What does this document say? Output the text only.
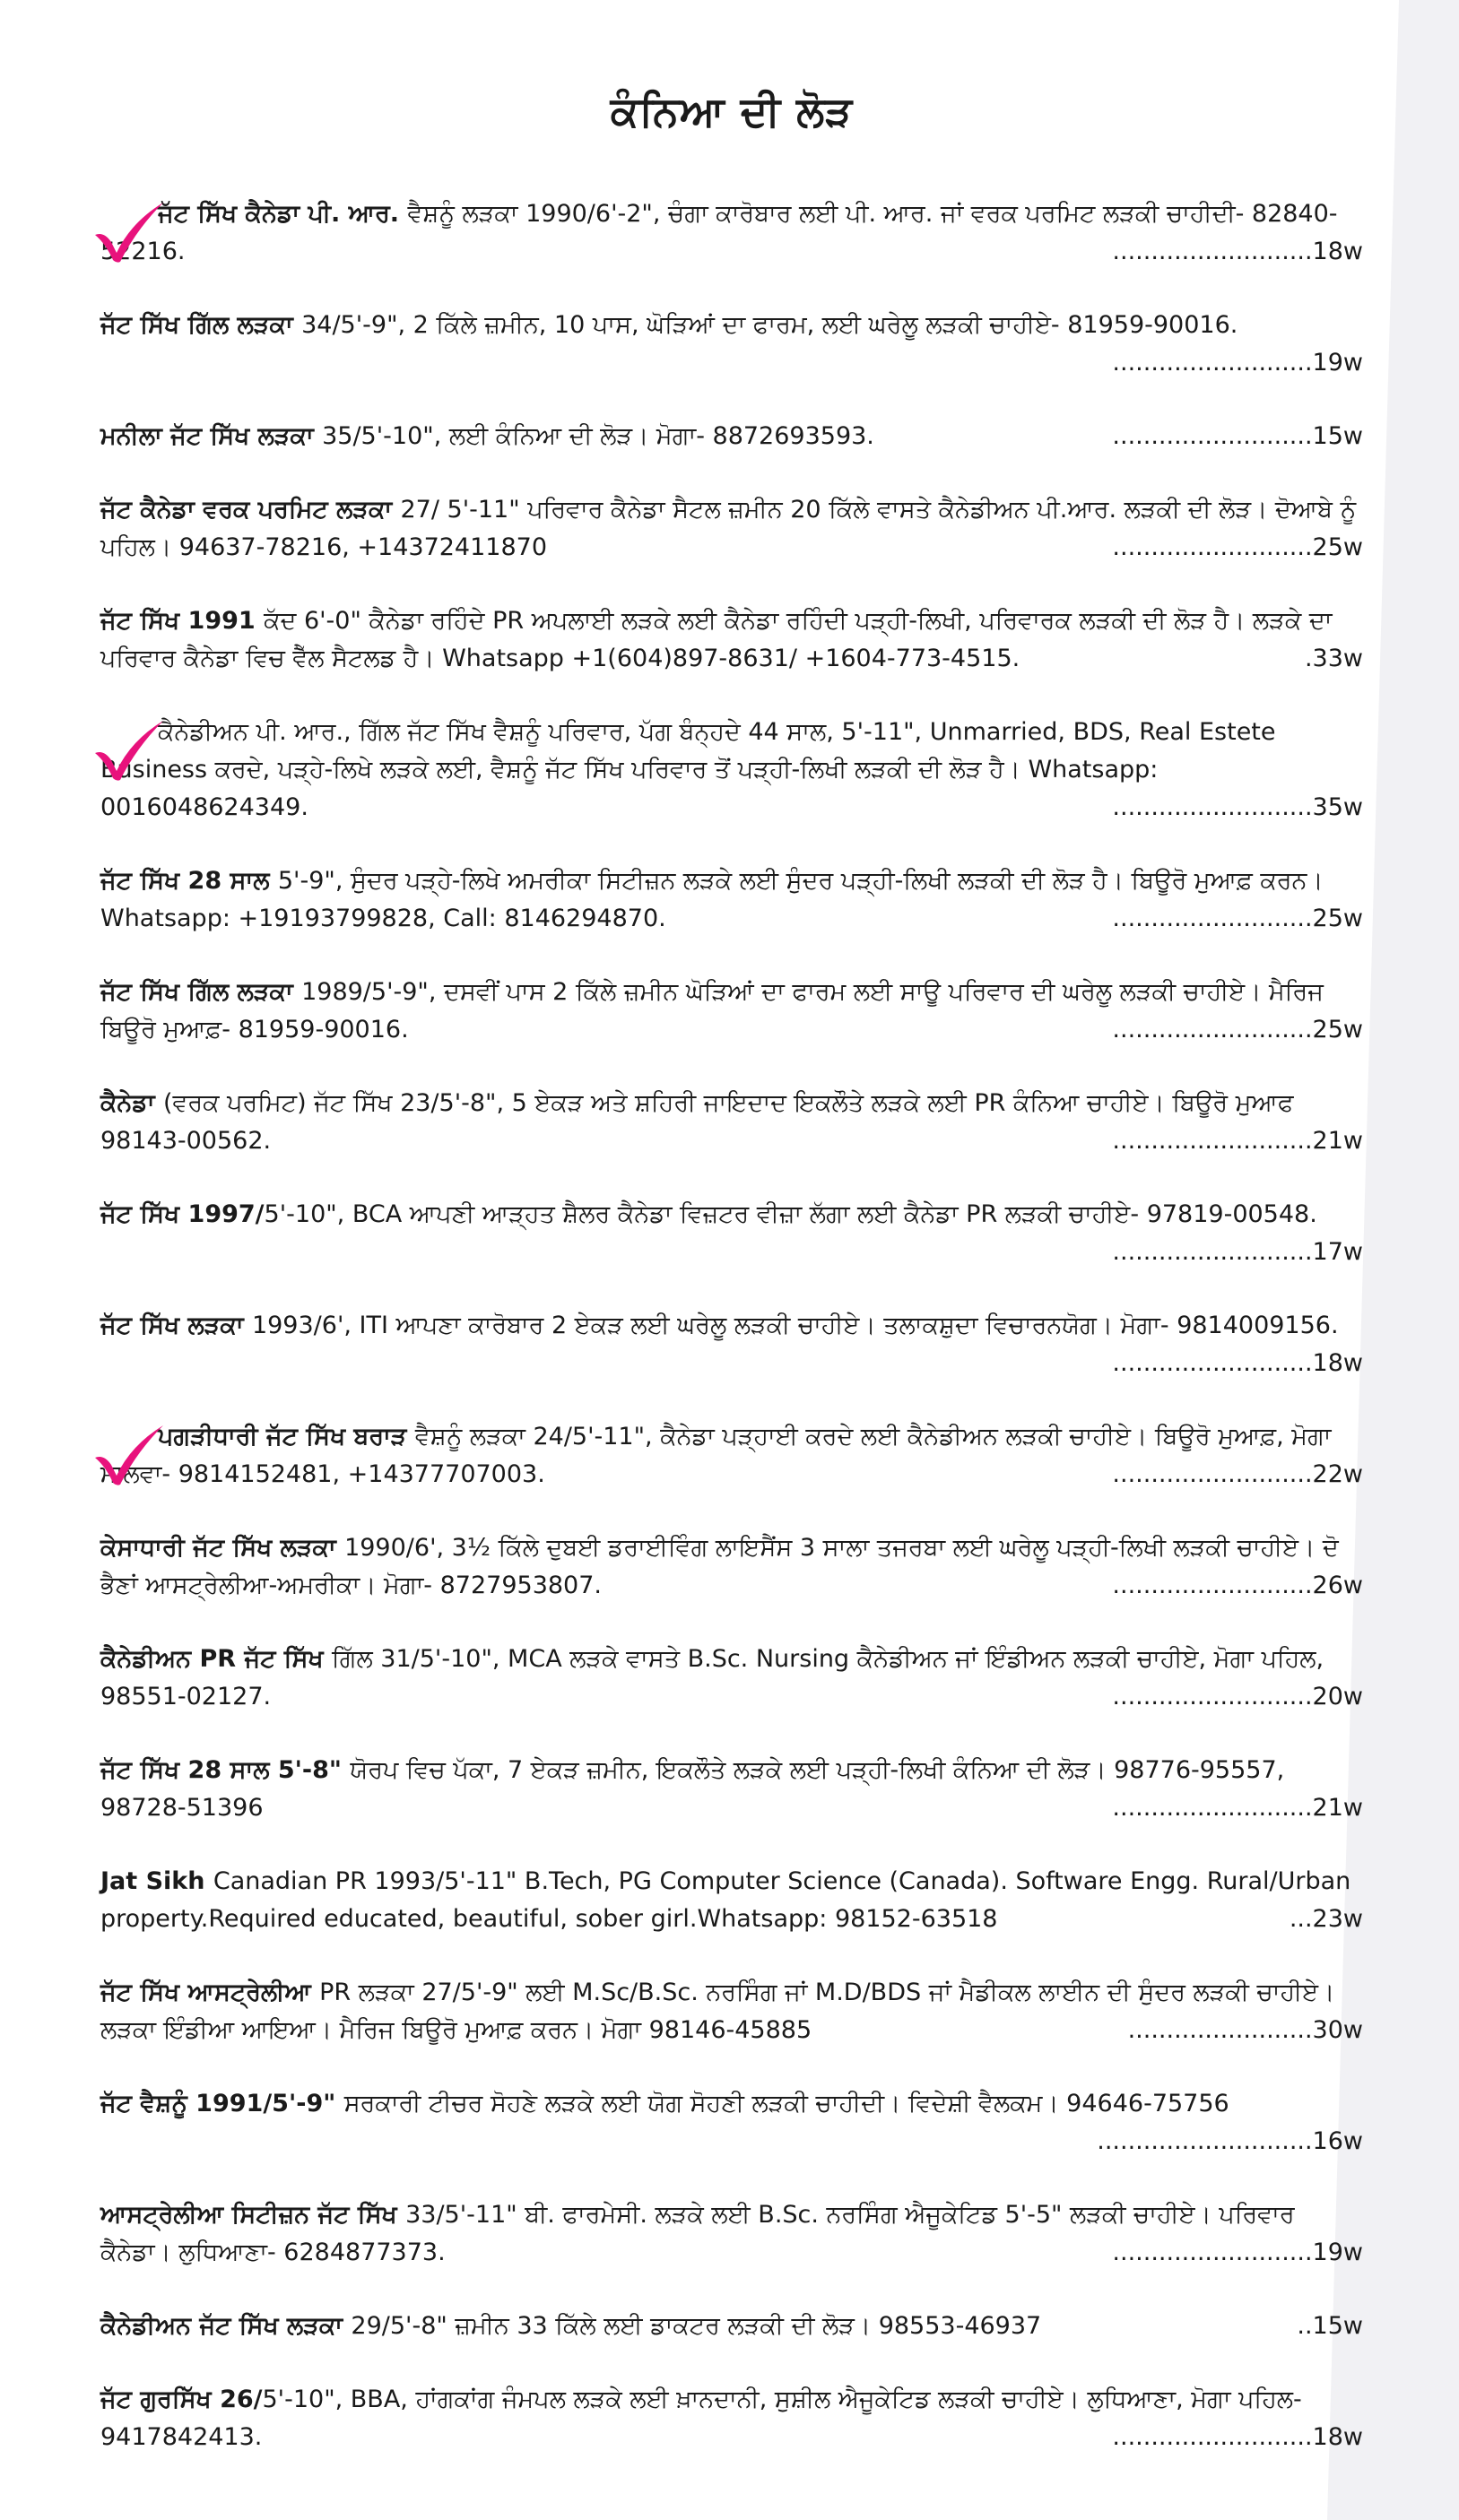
ਕੰਨਿਆ ਦੀ ਲੋੜ
ਜੱਟ ਸਿੱਖ ਕੈਨੇਡਾ ਪੀ. ਆਰ. ਵੈਸ਼ਨੂੰ ਲੜਕਾ 1990/6'-2", ਚੰਗਾ ਕਾਰੋਬਾਰ ਲਈ ਪੀ. ਆਰ. ਜਾਂ ਵਰਕ ਪਰਮਿਟ ਲੜਕੀ ਚਾਹੀਦੀ- 82840-52216.	..........................18w
ਜੱਟ ਸਿੱਖ ਗਿੱਲ ਲੜਕਾ 34/5'-9", 2 ਕਿੱਲੇ ਜ਼ਮੀਨ, 10 ਪਾਸ, ਘੋੜਿਆਂ ਦਾ ਫਾਰਮ, ਲਈ ਘਰੇਲੂ ਲੜਕੀ ਚਾਹੀਏ- 81959-90016.
..........................19w
ਮਨੀਲਾ ਜੱਟ ਸਿੱਖ ਲੜਕਾ 35/5'-10", ਲਈ ਕੰਨਿਆ ਦੀ ਲੋੜ। ਮੋਗਾ- 8872693593.	..........................15w
ਜੱਟ ਕੈਨੇਡਾ ਵਰਕ ਪਰਮਿਟ ਲੜਕਾ 27/ 5'-11" ਪਰਿਵਾਰ ਕੈਨੇਡਾ ਸੈਟਲ ਜ਼ਮੀਨ 20 ਕਿੱਲੇ ਵਾਸਤੇ ਕੈਨੇਡੀਅਨ ਪੀ.ਆਰ. ਲੜਕੀ ਦੀ ਲੋੜ। ਦੋਆਬੇ ਨੂੰ ਪਹਿਲ। 94637-78216, +14372411870	..........................25w
ਜੱਟ ਸਿੱਖ 1991 ਕੱਦ 6'-0" ਕੈਨੇਡਾ ਰਹਿੰਦੇ PR ਅਪਲਾਈ ਲੜਕੇ ਲਈ ਕੈਨੇਡਾ ਰਹਿੰਦੀ ਪੜ੍ਹੀ-ਲਿਖੀ, ਪਰਿਵਾਰਕ ਲੜਕੀ ਦੀ ਲੋੜ ਹੈ। ਲੜਕੇ ਦਾ ਪਰਿਵਾਰ ਕੈਨੇਡਾ ਵਿਚ ਵੈੱਲ ਸੈਟਲਡ ਹੈ। Whatsapp +1(604)897-8631/ +1604-773-4515.	.33w
ਕੈਨੇਡੀਅਨ ਪੀ. ਆਰ., ਗਿੱਲ ਜੱਟ ਸਿੱਖ ਵੈਸ਼ਨੂੰ ਪਰਿਵਾਰ, ਪੱਗ ਬੰਨ੍ਹਦੇ 44 ਸਾਲ, 5'-11", Unmarried, BDS, Real Estete Business ਕਰਦੇ, ਪੜ੍ਹੇ-ਲਿਖੇ ਲੜਕੇ ਲਈ, ਵੈਸ਼ਨੂੰ ਜੱਟ ਸਿੱਖ ਪਰਿਵਾਰ ਤੋਂ ਪੜ੍ਹੀ-ਲਿਖੀ ਲੜਕੀ ਦੀ ਲੋੜ ਹੈ। Whatsapp: 0016048624349.	..........................35w
ਜੱਟ ਸਿੱਖ 28 ਸਾਲ 5'-9", ਸੁੰਦਰ ਪੜ੍ਹੇ-ਲਿਖੇ ਅਮਰੀਕਾ ਸਿਟੀਜ਼ਨ ਲੜਕੇ ਲਈ ਸੁੰਦਰ ਪੜ੍ਹੀ-ਲਿਖੀ ਲੜਕੀ ਦੀ ਲੋੜ ਹੈ। ਬਿਊਰੋ ਮੁਆਫ਼ ਕਰਨ। Whatsapp: +19193799828, Call: 8146294870.	..........................25w
ਜੱਟ ਸਿੱਖ ਗਿੱਲ ਲੜਕਾ 1989/5'-9", ਦਸਵੀਂ ਪਾਸ 2 ਕਿੱਲੇ ਜ਼ਮੀਨ ਘੋੜਿਆਂ ਦਾ ਫਾਰਮ ਲਈ ਸਾਊ ਪਰਿਵਾਰ ਦੀ ਘਰੇਲੂ ਲੜਕੀ ਚਾਹੀਏ। ਮੈਰਿਜ ਬਿਊਰੋ ਮੁਆਫ਼- 81959-90016.	..........................25w
ਕੈਨੇਡਾ (ਵਰਕ ਪਰਮਿਟ) ਜੱਟ ਸਿੱਖ 23/5'-8", 5 ਏਕੜ ਅਤੇ ਸ਼ਹਿਰੀ ਜਾਇਦਾਦ ਇਕਲੌਤੇ ਲੜਕੇ ਲਈ PR ਕੰਨਿਆ ਚਾਹੀਏ। ਬਿਊਰੋ ਮੁਆਫ 98143-00562.	..........................21w
ਜੱਟ ਸਿੱਖ 1997/5'-10", BCA ਆਪਣੀ ਆੜ੍ਹਤ ਸ਼ੈਲਰ ਕੈਨੇਡਾ ਵਿਜ਼ਟਰ ਵੀਜ਼ਾ ਲੱਗਾ ਲਈ ਕੈਨੇਡਾ PR ਲੜਕੀ ਚਾਹੀਏ- 97819-00548.
..........................17w
ਜੱਟ ਸਿੱਖ ਲੜਕਾ 1993/6', ITI ਆਪਣਾ ਕਾਰੋਬਾਰ 2 ਏਕੜ ਲਈ ਘਰੇਲੂ ਲੜਕੀ ਚਾਹੀਏ। ਤਲਾਕਸ਼ੁਦਾ ਵਿਚਾਰਨਯੋਗ। ਮੋਗਾ- 9814009156.
..........................18w
ਪਗੜੀਧਾਰੀ ਜੱਟ ਸਿੱਖ ਬਰਾੜ ਵੈਸ਼ਨੂੰ ਲੜਕਾ 24/5'-11", ਕੈਨੇਡਾ ਪੜ੍ਹਾਈ ਕਰਦੇ ਲਈ ਕੈਨੇਡੀਅਨ ਲੜਕੀ ਚਾਹੀਏ। ਬਿਊਰੋ ਮੁਆਫ਼, ਮੋਗਾ ਮਾਲਵਾ- 9814152481, +14377707003.	..........................22w
ਕੇਸਾਧਾਰੀ ਜੱਟ ਸਿੱਖ ਲੜਕਾ 1990/6', 3½ ਕਿੱਲੇ ਦੁਬਈ ਡਰਾਈਵਿੰਗ ਲਾਇਸੈਂਸ 3 ਸਾਲਾ ਤਜਰਬਾ ਲਈ ਘਰੇਲੂ ਪੜ੍ਹੀ-ਲਿਖੀ ਲੜਕੀ ਚਾਹੀਏ। ਦੋ ਭੈਣਾਂ ਆਸਟ੍ਰੇਲੀਆ-ਅਮਰੀਕਾ। ਮੋਗਾ- 8727953807.	..........................26w
ਕੈਨੇਡੀਅਨ PR ਜੱਟ ਸਿੱਖ ਗਿੱਲ 31/5'-10", MCA ਲੜਕੇ ਵਾਸਤੇ B.Sc. Nursing ਕੈਨੇਡੀਅਨ ਜਾਂ ਇੰਡੀਅਨ ਲੜਕੀ ਚਾਹੀਏ, ਮੋਗਾ ਪਹਿਲ, 98551-02127.	..........................20w
ਜੱਟ ਸਿੱਖ 28 ਸਾਲ 5'-8" ਯੋਰਪ ਵਿਚ ਪੱਕਾ, 7 ਏਕੜ ਜ਼ਮੀਨ, ਇਕਲੌਤੇ ਲੜਕੇ ਲਈ ਪੜ੍ਹੀ-ਲਿਖੀ ਕੰਨਿਆ ਦੀ ਲੋੜ। 98776-95557, 98728-51396	..........................21w
Jat Sikh Canadian PR 1993/5'-11" B.Tech, PG Computer Science (Canada). Software Engg. Rural/Urban property.Required educated, beautiful, sober girl.Whatsapp: 98152-63518	...23w
ਜੱਟ ਸਿੱਖ ਆਸਟ੍ਰੇਲੀਆ PR ਲੜਕਾ 27/5'-9" ਲਈ M.Sc/B.Sc. ਨਰਸਿੰਗ ਜਾਂ M.D/BDS ਜਾਂ ਮੈਡੀਕਲ ਲਾਈਨ ਦੀ ਸੁੰਦਰ ਲੜਕੀ ਚਾਹੀਏ। ਲੜਕਾ ਇੰਡੀਆ ਆਇਆ। ਮੈਰਿਜ ਬਿਊਰੋ ਮੁਆਫ਼ ਕਰਨ। ਮੋਗਾ 98146-45885	........................30w
ਜੱਟ ਵੈਸ਼ਨੂੰ 1991/5'-9" ਸਰਕਾਰੀ ਟੀਚਰ ਸੋਹਣੇ ਲੜਕੇ ਲਈ ਯੋਗ ਸੋਹਣੀ ਲੜਕੀ ਚਾਹੀਦੀ। ਵਿਦੇਸ਼ੀ ਵੈਲਕਮ। 94646-75756
............................16w
ਆਸਟ੍ਰੇਲੀਆ ਸਿਟੀਜ਼ਨ ਜੱਟ ਸਿੱਖ 33/5'-11" ਬੀ. ਫਾਰਮੇਸੀ. ਲੜਕੇ ਲਈ B.Sc. ਨਰਸਿੰਗ ਐਜੂਕੇਟਿਡ 5'-5" ਲੜਕੀ ਚਾਹੀਏ। ਪਰਿਵਾਰ ਕੈਨੇਡਾ। ਲੁਧਿਆਣਾ- 6284877373.	..........................19w
ਕੈਨੇਡੀਅਨ ਜੱਟ ਸਿੱਖ ਲੜਕਾ 29/5'-8" ਜ਼ਮੀਨ 33 ਕਿੱਲੇ ਲਈ ਡਾਕਟਰ ਲੜਕੀ ਦੀ ਲੋੜ। 98553-46937	..15w
ਜੱਟ ਗੁਰਸਿੱਖ 26/5'-10", BBA, ਹਾਂਗਕਾਂਗ ਜੰਮਪਲ ਲੜਕੇ ਲਈ ਖ਼ਾਨਦਾਨੀ, ਸੁਸ਼ੀਲ ਐਜੂਕੇਟਿਡ ਲੜਕੀ ਚਾਹੀਏ। ਲੁਧਿਆਣਾ, ਮੋਗਾ ਪਹਿਲ- 9417842413.	..........................18w
